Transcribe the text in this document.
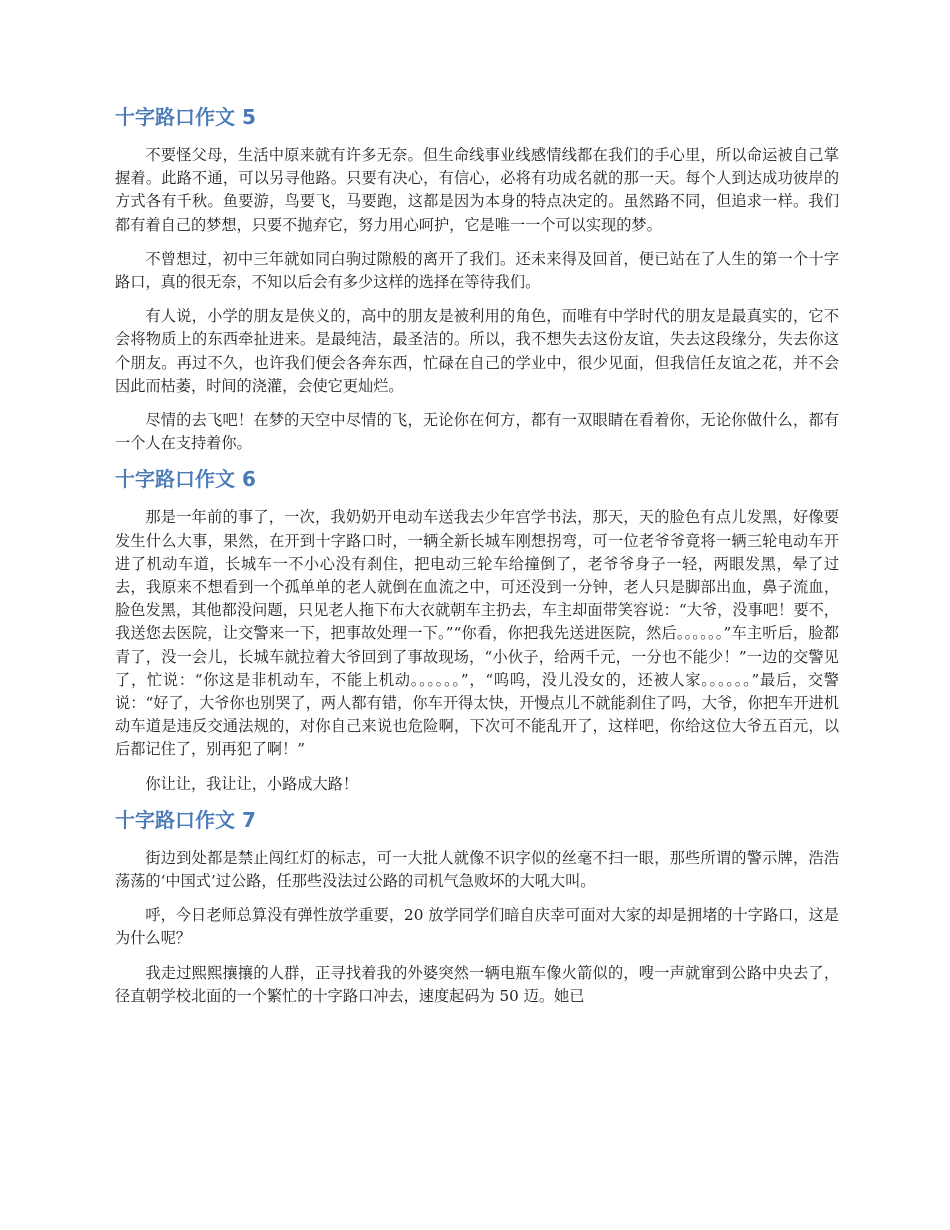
十字路口作文 5

不要怪父母，生活中原来就有许多无奈。但生命线事业线感情线都在我们的手心里，所以命运被自己掌握着。此路不通，可以另寻他路。只要有决心，有信心，必将有功成名就的那一天。每个人到达成功彼岸的方式各有千秋。鱼要游，鸟要飞，马要跑，这都是因为本身的特点决定的。虽然路不同，但追求一样。我们都有着自己的梦想，只要不抛弃它，努力用心呵护，它是唯一一个可以实现的梦。

不曾想过，初中三年就如同白驹过隙般的离开了我们。还未来得及回首，便已站在了人生的第一个十字路口，真的很无奈，不知以后会有多少这样的选择在等待我们。

有人说，小学的朋友是侠义的，高中的朋友是被利用的角色，而唯有中学时代的朋友是最真实的，它不会将物质上的东西牵扯进来。是最纯洁，最圣洁的。所以，我不想失去这份友谊，失去这段缘分，失去你这个朋友。再过不久，也许我们便会各奔东西，忙碌在自己的学业中，很少见面，但我信任友谊之花，并不会因此而枯萎，时间的浇灌，会使它更灿烂。

尽情的去飞吧！在梦的天空中尽情的飞，无论你在何方，都有一双眼睛在看着你，无论你做什么，都有一个人在支持着你。

十字路口作文 6

那是一年前的事了，一次，我奶奶开电动车送我去少年宫学书法，那天，天的脸色有点儿发黑，好像要发生什么大事，果然，在开到十字路口时，一辆全新长城车刚想拐弯，可一位老爷爷竟将一辆三轮电动车开进了机动车道，长城车一不小心没有刹住，把电动三轮车给撞倒了，老爷爷身子一轻，两眼发黑，晕了过去，我原来不想看到一个孤单单的老人就倒在血流之中，可还没到一分钟，老人只是脚部出血，鼻子流血，脸色发黑，其他都没问题，只见老人拖下布大衣就朝车主扔去，车主却面带笑容说：“大爷，没事吧！要不，我送您去医院，让交警来一下，把事故处理一下。”“你看，你把我先送进医院，然后。。。。。。”车主听后，脸都青了，没一会儿，长城车就拉着大爷回到了事故现场，“小伙子，给两千元，一分也不能少！”一边的交警见了，忙说：“你这是非机动车，不能上机动。。。。。。”，“呜呜，没儿没女的，还被人家。。。。。。”最后，交警说：“好了，大爷你也别哭了，两人都有错，你车开得太快，开慢点儿不就能刹住了吗，大爷，你把车开进机动车道是违反交通法规的，对你自己来说也危险啊，下次可不能乱开了，这样吧，你给这位大爷五百元，以后都记住了，别再犯了啊！”

你让让，我让让，小路成大路！

十字路口作文 7

街边到处都是禁止闯红灯的标志，可一大批人就像不识字似的丝毫不扫一眼，那些所谓的警示牌，浩浩荡荡的‘中国式’过公路，任那些没法过公路的司机气急败坏的大吼大叫。

呼，今日老师总算没有弹性放学重要，20 放学同学们暗自庆幸可面对大家的却是拥堵的十字路口，这是为什么呢？

我走过熙熙攘攘的人群，正寻找着我的外婆突然一辆电瓶车像火箭似的，嗖一声就窜到公路中央去了，径直朝学校北面的一个繁忙的十字路口冲去，速度起码为 50 迈。她已
